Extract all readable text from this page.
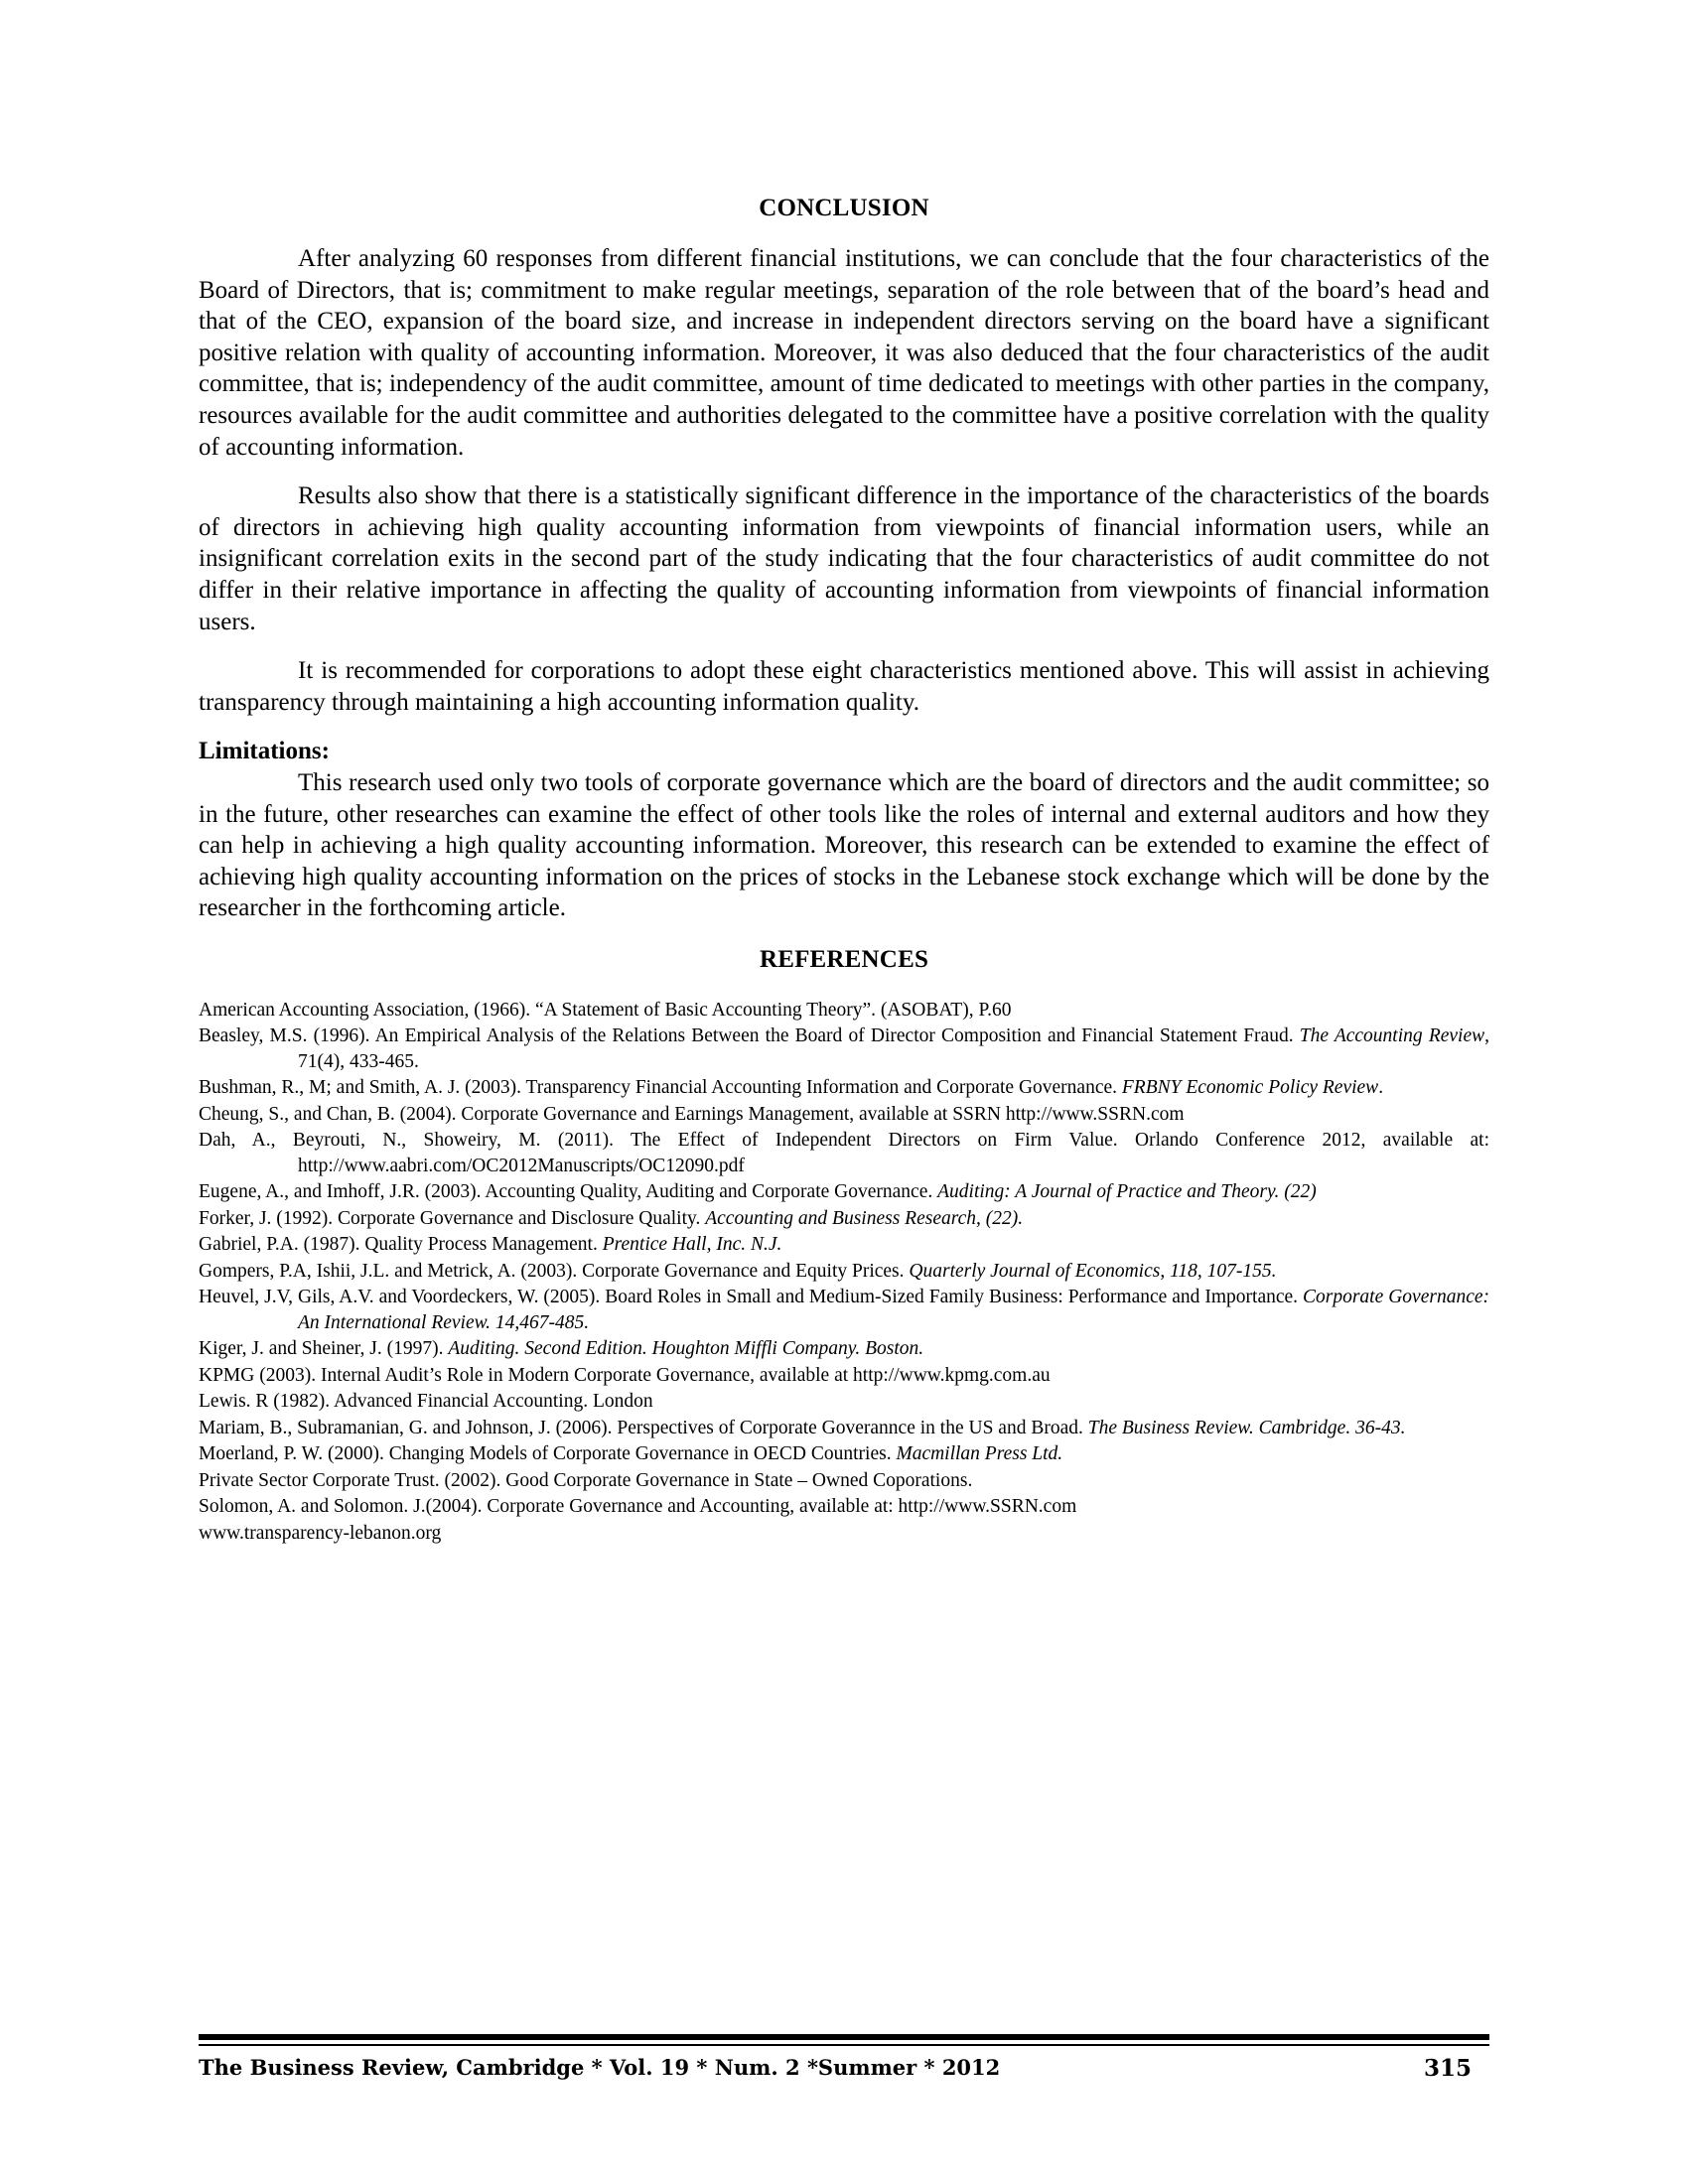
CONCLUSION

After analyzing 60 responses from different financial institutions, we can conclude that the four characteristics of the Board of Directors, that is; commitment to make regular meetings, separation of the role between that of the board’s head and that of the CEO, expansion of the board size, and increase in independent directors serving on the board have a significant positive relation with quality of accounting information. Moreover, it was also deduced that the four characteristics of the audit committee, that is; independency of the audit committee, amount of time dedicated to meetings with other parties in the company, resources available for the audit committee and authorities delegated to the committee have a positive correlation with the quality of accounting information.

Results also show that there is a statistically significant difference in the importance of the characteristics of the boards of directors in achieving high quality accounting information from viewpoints of financial information users, while an insignificant correlation exits in the second part of the study indicating that the four characteristics of audit committee do not differ in their relative importance in affecting the quality of accounting information from viewpoints of financial information users.

It is recommended for corporations to adopt these eight characteristics mentioned above. This will assist in achieving transparency through maintaining a high accounting information quality.

Limitations:

This research used only two tools of corporate governance which are the board of directors and the audit committee; so in the future, other researches can examine the effect of other tools like the roles of internal and external auditors and how they can help in achieving a high quality accounting information. Moreover, this research can be extended to examine the effect of achieving high quality accounting information on the prices of stocks in the Lebanese stock exchange which will be done by the researcher in the forthcoming article.

REFERENCES

American Accounting Association, (1966). “A Statement of Basic Accounting Theory”. (ASOBAT), P.60

Beasley, M.S. (1996). An Empirical Analysis of the Relations Between the Board of Director Composition and Financial Statement Fraud. The Accounting Review, 71(4), 433-465.

Bushman, R., M; and Smith, A. J. (2003). Transparency Financial Accounting Information and Corporate Governance. FRBNY Economic Policy Review.

Cheung, S., and Chan, B. (2004). Corporate Governance and Earnings Management, available at SSRN http://www.SSRN.com

Dah, A., Beyrouti, N., Showeiry, M. (2011). The Effect of Independent Directors on Firm Value. Orlando Conference 2012, available at: http://www.aabri.com/OC2012Manuscripts/OC12090.pdf

Eugene, A., and Imhoff, J.R. (2003). Accounting Quality, Auditing and Corporate Governance. Auditing: A Journal of Practice and Theory. (22)

Forker, J. (1992). Corporate Governance and Disclosure Quality. Accounting and Business Research, (22).

Gabriel, P.A. (1987). Quality Process Management. Prentice Hall, Inc. N.J.

Gompers, P.A, Ishii, J.L. and Metrick, A. (2003). Corporate Governance and Equity Prices. Quarterly Journal of Economics, 118, 107-155.

Heuvel, J.V, Gils, A.V. and Voordeckers, W. (2005). Board Roles in Small and Medium-Sized Family Business: Performance and Importance. Corporate Governance: An International Review. 14,467-485.

Kiger, J. and Sheiner, J. (1997). Auditing. Second Edition. Houghton Miffli Company. Boston.

KPMG (2003). Internal Audit’s Role in Modern Corporate Governance, available at http://www.kpmg.com.au

Lewis. R (1982). Advanced Financial Accounting. London

Mariam, B., Subramanian, G. and Johnson, J. (2006). Perspectives of Corporate Goverannce in the US and Broad. The Business Review. Cambridge. 36-43.

Moerland, P. W. (2000). Changing Models of Corporate Governance in OECD Countries. Macmillan Press Ltd.

Private Sector Corporate Trust. (2002). Good Corporate Governance in State – Owned Coporations.

Solomon, A. and Solomon. J.(2004). Corporate Governance and Accounting, available at: http://www.SSRN.com

www.transparency-lebanon.org

The Business Review, Cambridge * Vol. 19 * Num. 2 *Summer * 2012	315
